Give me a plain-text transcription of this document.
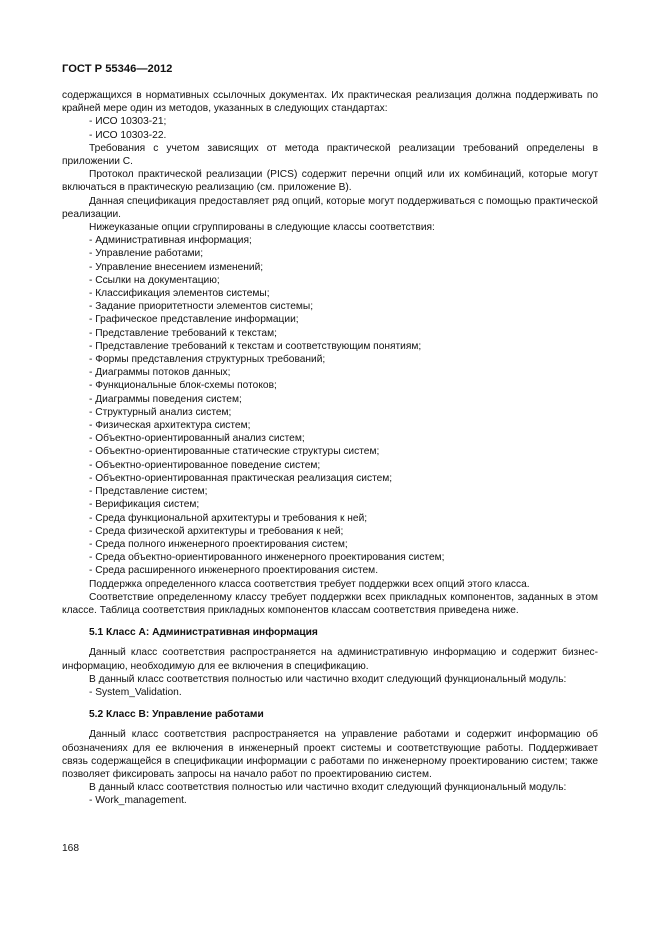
ГОСТ Р 55346—2012

содержащихся в нормативных ссылочных документах. Их практическая реализация должна поддерживать по крайней мере один из методов, указанных в следующих стандартах:

- ИСО 10303-21;

- ИСО 10303-22.

Требования с учетом зависящих от метода практической реализации требований определены в приложении С.

Протокол практической реализации (PICS) содержит перечни опций или их комбинаций, которые могут включаться в практическую реализацию (см. приложение В).

Данная спецификация предоставляет ряд опций, которые могут поддерживаться с помощью практической реализации.

Нижеуказаные опции сгруппированы в следующие классы соответствия:

- Административная информация;

- Управление работами;

- Управление внесением изменений;

- Ссылки на документацию;

- Классификация элементов системы;

- Задание приоритетности элементов системы;

- Графическое представление информации;

- Представление требований к текстам;

- Представление требований к текстам и соответствующим понятиям;

- Формы представления структурных требований;

- Диаграммы потоков данных;

- Функциональные блок-схемы потоков;

- Диаграммы поведения систем;

- Структурный анализ систем;

- Физическая архитектура систем;

- Объектно-ориентированный анализ систем;

- Объектно-ориентированные статические структуры систем;

- Объектно-ориентированное поведение систем;

- Объектно-ориентированная практическая реализация систем;

- Представление систем;

- Верификация систем;

- Среда функциональной архитектуры и требования к ней;

- Среда физической архитектуры и требования к ней;

- Среда полного инженерного проектирования систем;

- Среда объектно-ориентированного инженерного проектирования систем;

- Среда расширенного инженерного проектирования систем.

Поддержка определенного класса соответствия требует поддержки всех опций этого класса.

Соответствие определенному классу требует поддержки всех прикладных компонентов, заданных в этом классе. Таблица соответствия прикладных компонентов классам соответствия приведена ниже.

5.1 Класс А: Административная информация

Данный класс соответствия распространяется на административную информацию и содержит бизнес-информацию, необходимую для ее включения в спецификацию.

В данный класс соответствия полностью или частично входит следующий функциональный модуль:

- System_Validation.

5.2 Класс В: Управление работами

Данный класс соответствия распространяется на управление работами и содержит информацию об обозначениях для ее включения в инженерный проект системы и соответствующие работы. Поддерживает связь содержащейся в спецификации информации с работами по инженерному проектированию систем; также позволяет фиксировать запросы на начало работ по проектированию систем.

В данный класс соответствия полностью или частично входит следующий функциональный модуль:

- Work_management.

168
